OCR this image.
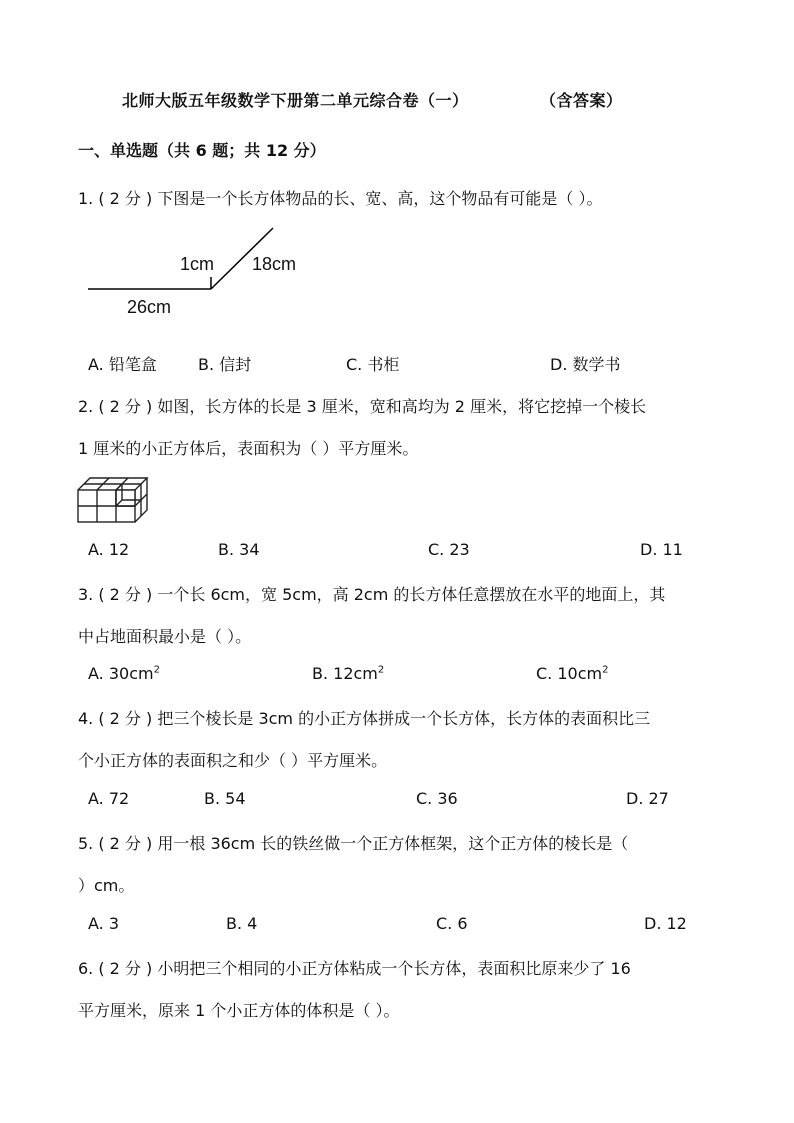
北师大版五年级数学下册第二单元综合卷（一）	（含答案）
一、单选题（共 6 题；共 12 分）
1. ( 2 分 ) 下图是一个长方体物品的长、宽、高，这个物品有可能是（ ）。
1cm 18cm
26cm
A. 铅笔盒	B. 信封	C. 书柜	D. 数学书
2. ( 2 分 ) 如图，长方体的长是 3 厘米，宽和高均为 2 厘米，将它挖掉一个棱长
1 厘米的小正方体后，表面积为（ ）平方厘米。
A. 12	B. 34	C. 23	D. 11
3. ( 2 分 ) 一个长 6cm，宽 5cm，高 2cm 的长方体任意摆放在水平的地面上，其
中占地面积最小是（ ）。
A. $30cm^2$	B. $12cm^2$	C. $10cm^2$
4. ( 2 分 ) 把三个棱长是 3cm 的小正方体拼成一个长方体，长方体的表面积比三
个小正方体的表面积之和少（ ）平方厘米。
A. 72	B. 54	C. 36	D. 27
5. ( 2 分 ) 用一根 36cm 长的铁丝做一个正方体框架，这个正方体的棱长是（
）cm。
A. 3	B. 4	C. 6	D. 12
6. ( 2 分 ) 小明把三个相同的小正方体粘成一个长方体，表面积比原来少了 16
平方厘米，原来 1 个小正方体的体积是（ ）。
